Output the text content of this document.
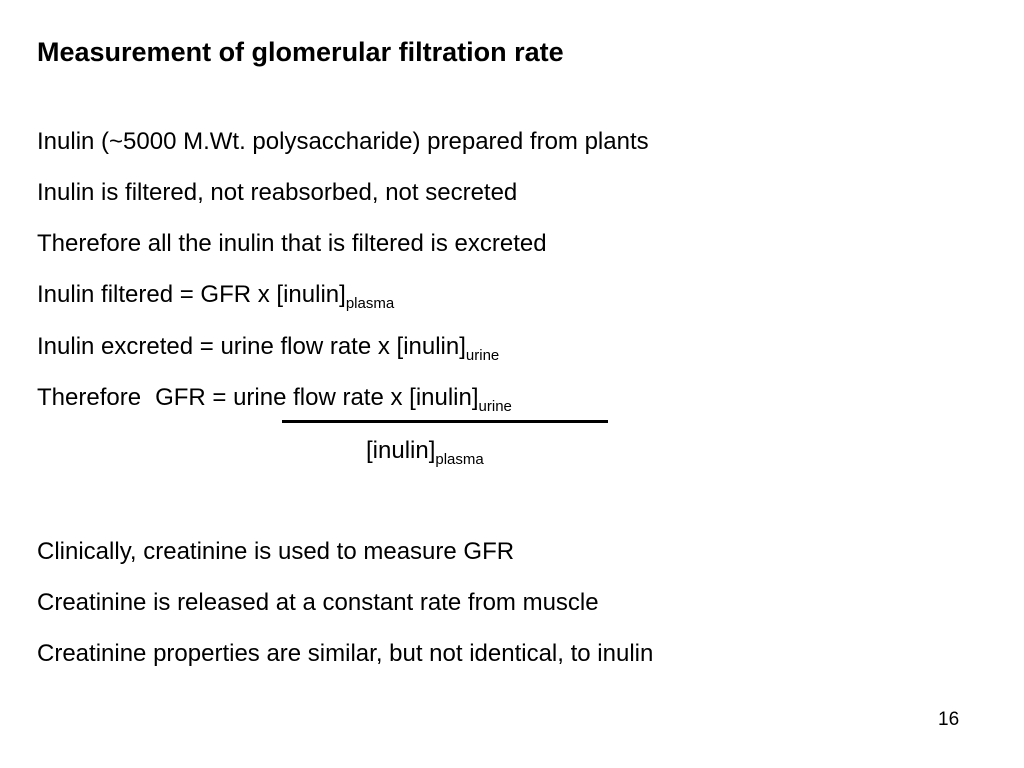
Measurement of glomerular filtration rate

Inulin (~5000 M.Wt. polysaccharide) prepared from plants

Inulin is filtered, not reabsorbed, not secreted

Therefore all the inulin that is filtered is excreted

Inulin filtered = GFR x $[inulin]_{plasma}$

Inulin excreted = urine flow rate x $[inulin]_{urine}$

Therefore GFR = urine flow rate x $[inulin]_{urine}$

$[inulin]_{plasma}$

Clinically, creatinine is used to measure GFR

Creatinine is released at a constant rate from muscle

Creatinine properties are similar, but not identical, to inulin

16
